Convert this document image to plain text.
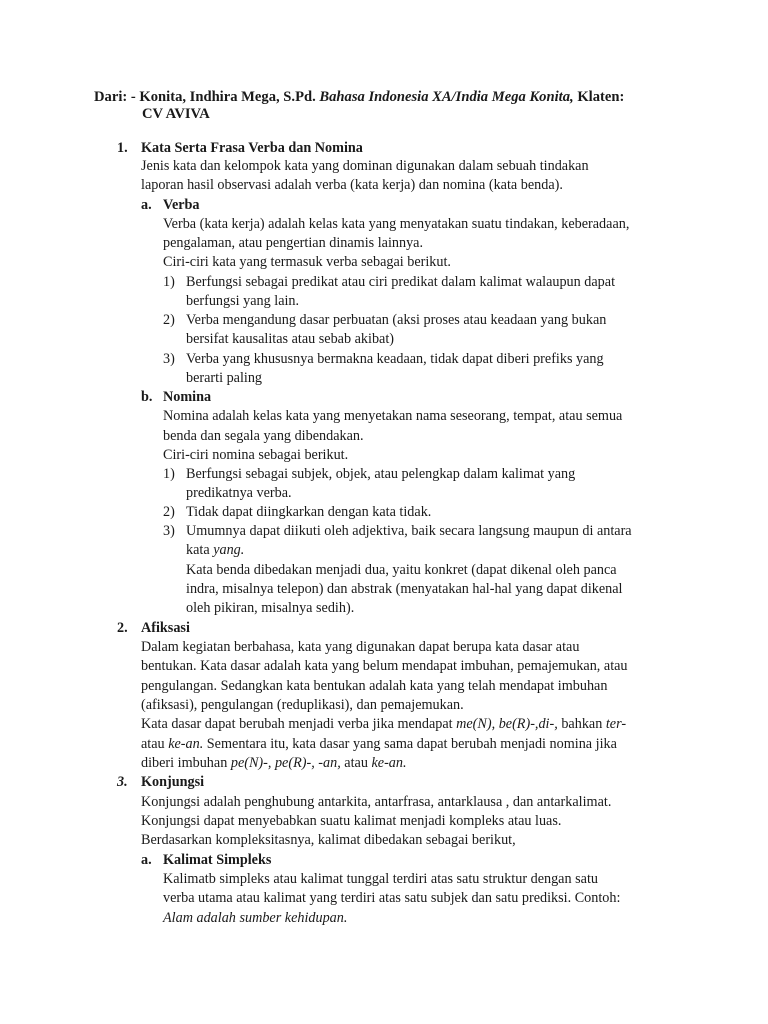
Dari: - Konita, Indhira Mega, S.Pd. Bahasa Indonesia XA/India Mega Konita, Klaten:
CV AVIVA
1. Kata Serta Frasa Verba dan Nomina
Jenis kata dan kelompok kata yang dominan digunakan dalam sebuah tindakan
laporan hasil observasi adalah verba (kata kerja) dan nomina (kata benda).
a. Verba
Verba (kata kerja) adalah kelas kata yang menyatakan suatu tindakan, keberadaan,
pengalaman, atau pengertian dinamis lainnya.
Ciri-ciri kata yang termasuk verba sebagai berikut.
1) Berfungsi sebagai predikat atau ciri predikat dalam kalimat walaupun dapat
berfungsi yang lain.
2) Verba mengandung dasar perbuatan (aksi proses atau keadaan yang bukan
bersifat kausalitas atau sebab akibat)
3) Verba yang khususnya bermakna keadaan, tidak dapat diberi prefiks yang
berarti paling
b. Nomina
Nomina adalah kelas kata yang menyetakan nama seseorang, tempat, atau semua
benda dan segala yang dibendakan.
Ciri-ciri nomina sebagai berikut.
1) Berfungsi sebagai subjek, objek, atau pelengkap dalam kalimat yang
predikatnya verba.
2) Tidak dapat diingkarkan dengan kata tidak.
3) Umumnya dapat diikuti oleh adjektiva, baik secara langsung maupun di antara
kata yang.
Kata benda dibedakan menjadi dua, yaitu konkret (dapat dikenal oleh panca
indra, misalnya telepon) dan abstrak (menyatakan hal-hal yang dapat dikenal
oleh pikiran, misalnya sedih).
2. Afiksasi
Dalam kegiatan berbahasa, kata yang digunakan dapat berupa kata dasar atau
bentukan. Kata dasar adalah kata yang belum mendapat imbuhan, pemajemukan, atau
pengulangan. Sedangkan kata bentukan adalah kata yang telah mendapat imbuhan
(afiksasi), pengulangan (reduplikasi), dan pemajemukan.
Kata dasar dapat berubah menjadi verba jika mendapat me(N), be(R)-,di-, bahkan ter-
atau ke-an. Sementara itu, kata dasar yang sama dapat berubah menjadi nomina jika
diberi imbuhan pe(N)-, pe(R)-, -an, atau ke-an.
3. Konjungsi
Konjungsi adalah penghubung antarkita, antarfrasa, antarklausa , dan antarkalimat.
Konjungsi dapat menyebabkan suatu kalimat menjadi kompleks atau luas.
Berdasarkan kompleksitasnya, kalimat dibedakan sebagai berikut,
a. Kalimat Simpleks
Kalimatb simpleks atau kalimat tunggal terdiri atas satu struktur dengan satu
verba utama atau kalimat yang terdiri atas satu subjek dan satu prediksi. Contoh:
Alam adalah sumber kehidupan.
